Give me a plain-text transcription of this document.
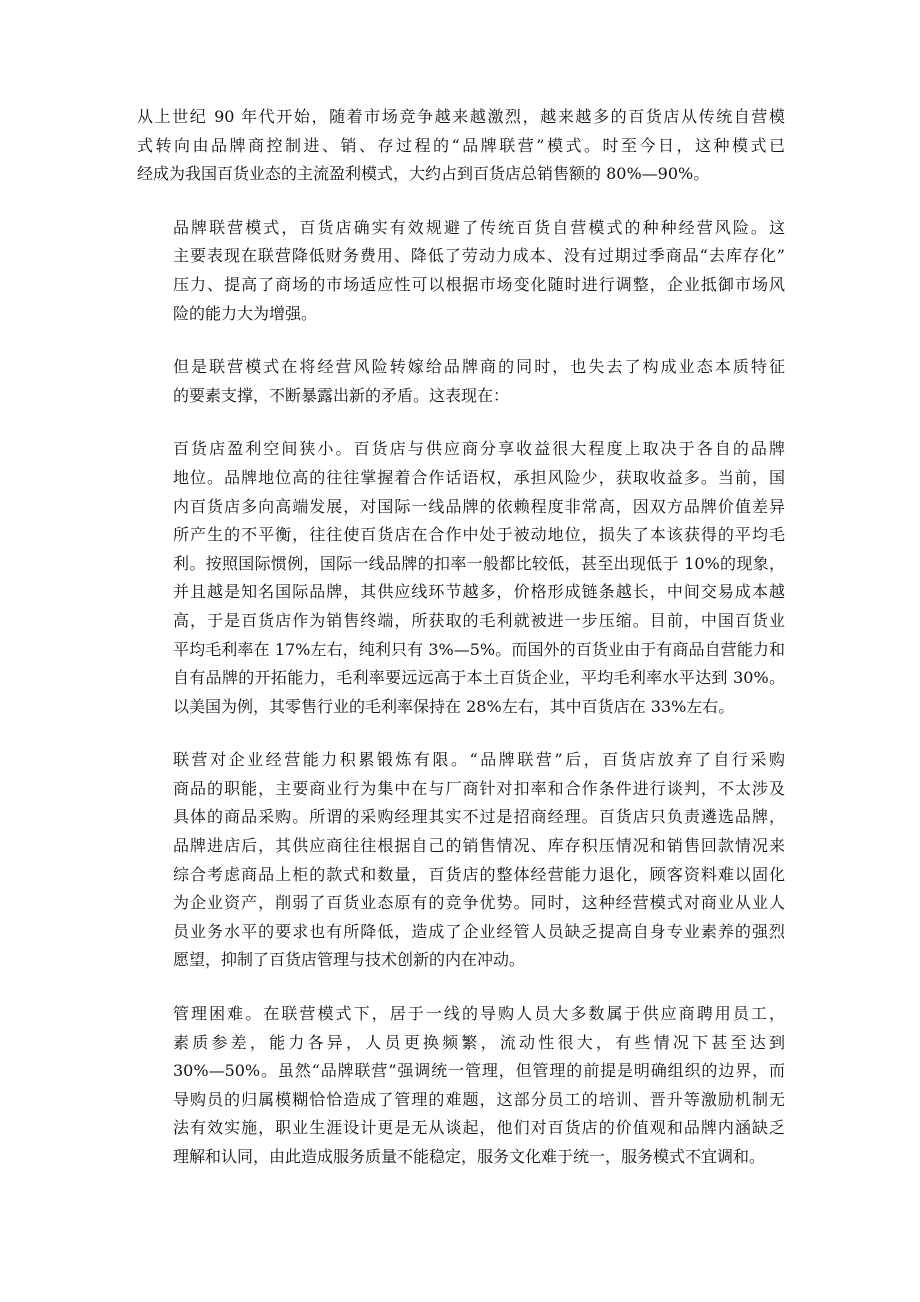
从上世纪 90 年代开始，随着市场竞争越来越激烈，越来越多的百货店从传统自营模
式转向由品牌商控制进、销、存过程的“品牌联营”模式。时至今日，这种模式已
经成为我国百货业态的主流盈利模式，大约占到百货店总销售额的 80%—90%。

品牌联营模式，百货店确实有效规避了传统百货自营模式的种种经营风险。这
主要表现在联营降低财务费用、降低了劳动力成本、没有过期过季商品“去库存化”
压力、提高了商场的市场适应性可以根据市场变化随时进行调整，企业抵御市场风
险的能力大为增强。

但是联营模式在将经营风险转嫁给品牌商的同时，也失去了构成业态本质特征
的要素支撑，不断暴露出新的矛盾。这表现在：

百货店盈利空间狭小。百货店与供应商分享收益很大程度上取决于各自的品牌
地位。品牌地位高的往往掌握着合作话语权，承担风险少，获取收益多。当前，国
内百货店多向高端发展，对国际一线品牌的依赖程度非常高，因双方品牌价值差异
所产生的不平衡，往往使百货店在合作中处于被动地位，损失了本该获得的平均毛
利。按照国际惯例，国际一线品牌的扣率一般都比较低，甚至出现低于 10%的现象，
并且越是知名国际品牌，其供应线环节越多，价格形成链条越长，中间交易成本越
高，于是百货店作为销售终端，所获取的毛利就被进一步压缩。目前，中国百货业
平均毛利率在 17%左右，纯利只有 3%—5%。而国外的百货业由于有商品自营能力和
自有品牌的开拓能力，毛利率要远远高于本土百货企业，平均毛利率水平达到 30%。
以美国为例，其零售行业的毛利率保持在 28%左右，其中百货店在 33%左右。

联营对企业经营能力积累锻炼有限。“品牌联营”后，百货店放弃了自行采购
商品的职能，主要商业行为集中在与厂商针对扣率和合作条件进行谈判，不太涉及
具体的商品采购。所谓的采购经理其实不过是招商经理。百货店只负责遴选品牌，
品牌进店后，其供应商往往根据自己的销售情况、库存积压情况和销售回款情况来
综合考虑商品上柜的款式和数量，百货店的整体经营能力退化，顾客资料难以固化
为企业资产，削弱了百货业态原有的竞争优势。同时，这种经营模式对商业从业人
员业务水平的要求也有所降低，造成了企业经管人员缺乏提高自身专业素养的强烈
愿望，抑制了百货店管理与技术创新的内在冲动。

管理困难。在联营模式下，居于一线的导购人员大多数属于供应商聘用员工，
素质参差，能力各异，人员更换频繁，流动性很大，有些情况下甚至达到
30%—50%。虽然“品牌联营”强调统一管理，但管理的前提是明确组织的边界，而
导购员的归属模糊恰恰造成了管理的难题，这部分员工的培训、晋升等激励机制无
法有效实施，职业生涯设计更是无从谈起，他们对百货店的价值观和品牌内涵缺乏
理解和认同，由此造成服务质量不能稳定，服务文化难于统一，服务模式不宜调和。
